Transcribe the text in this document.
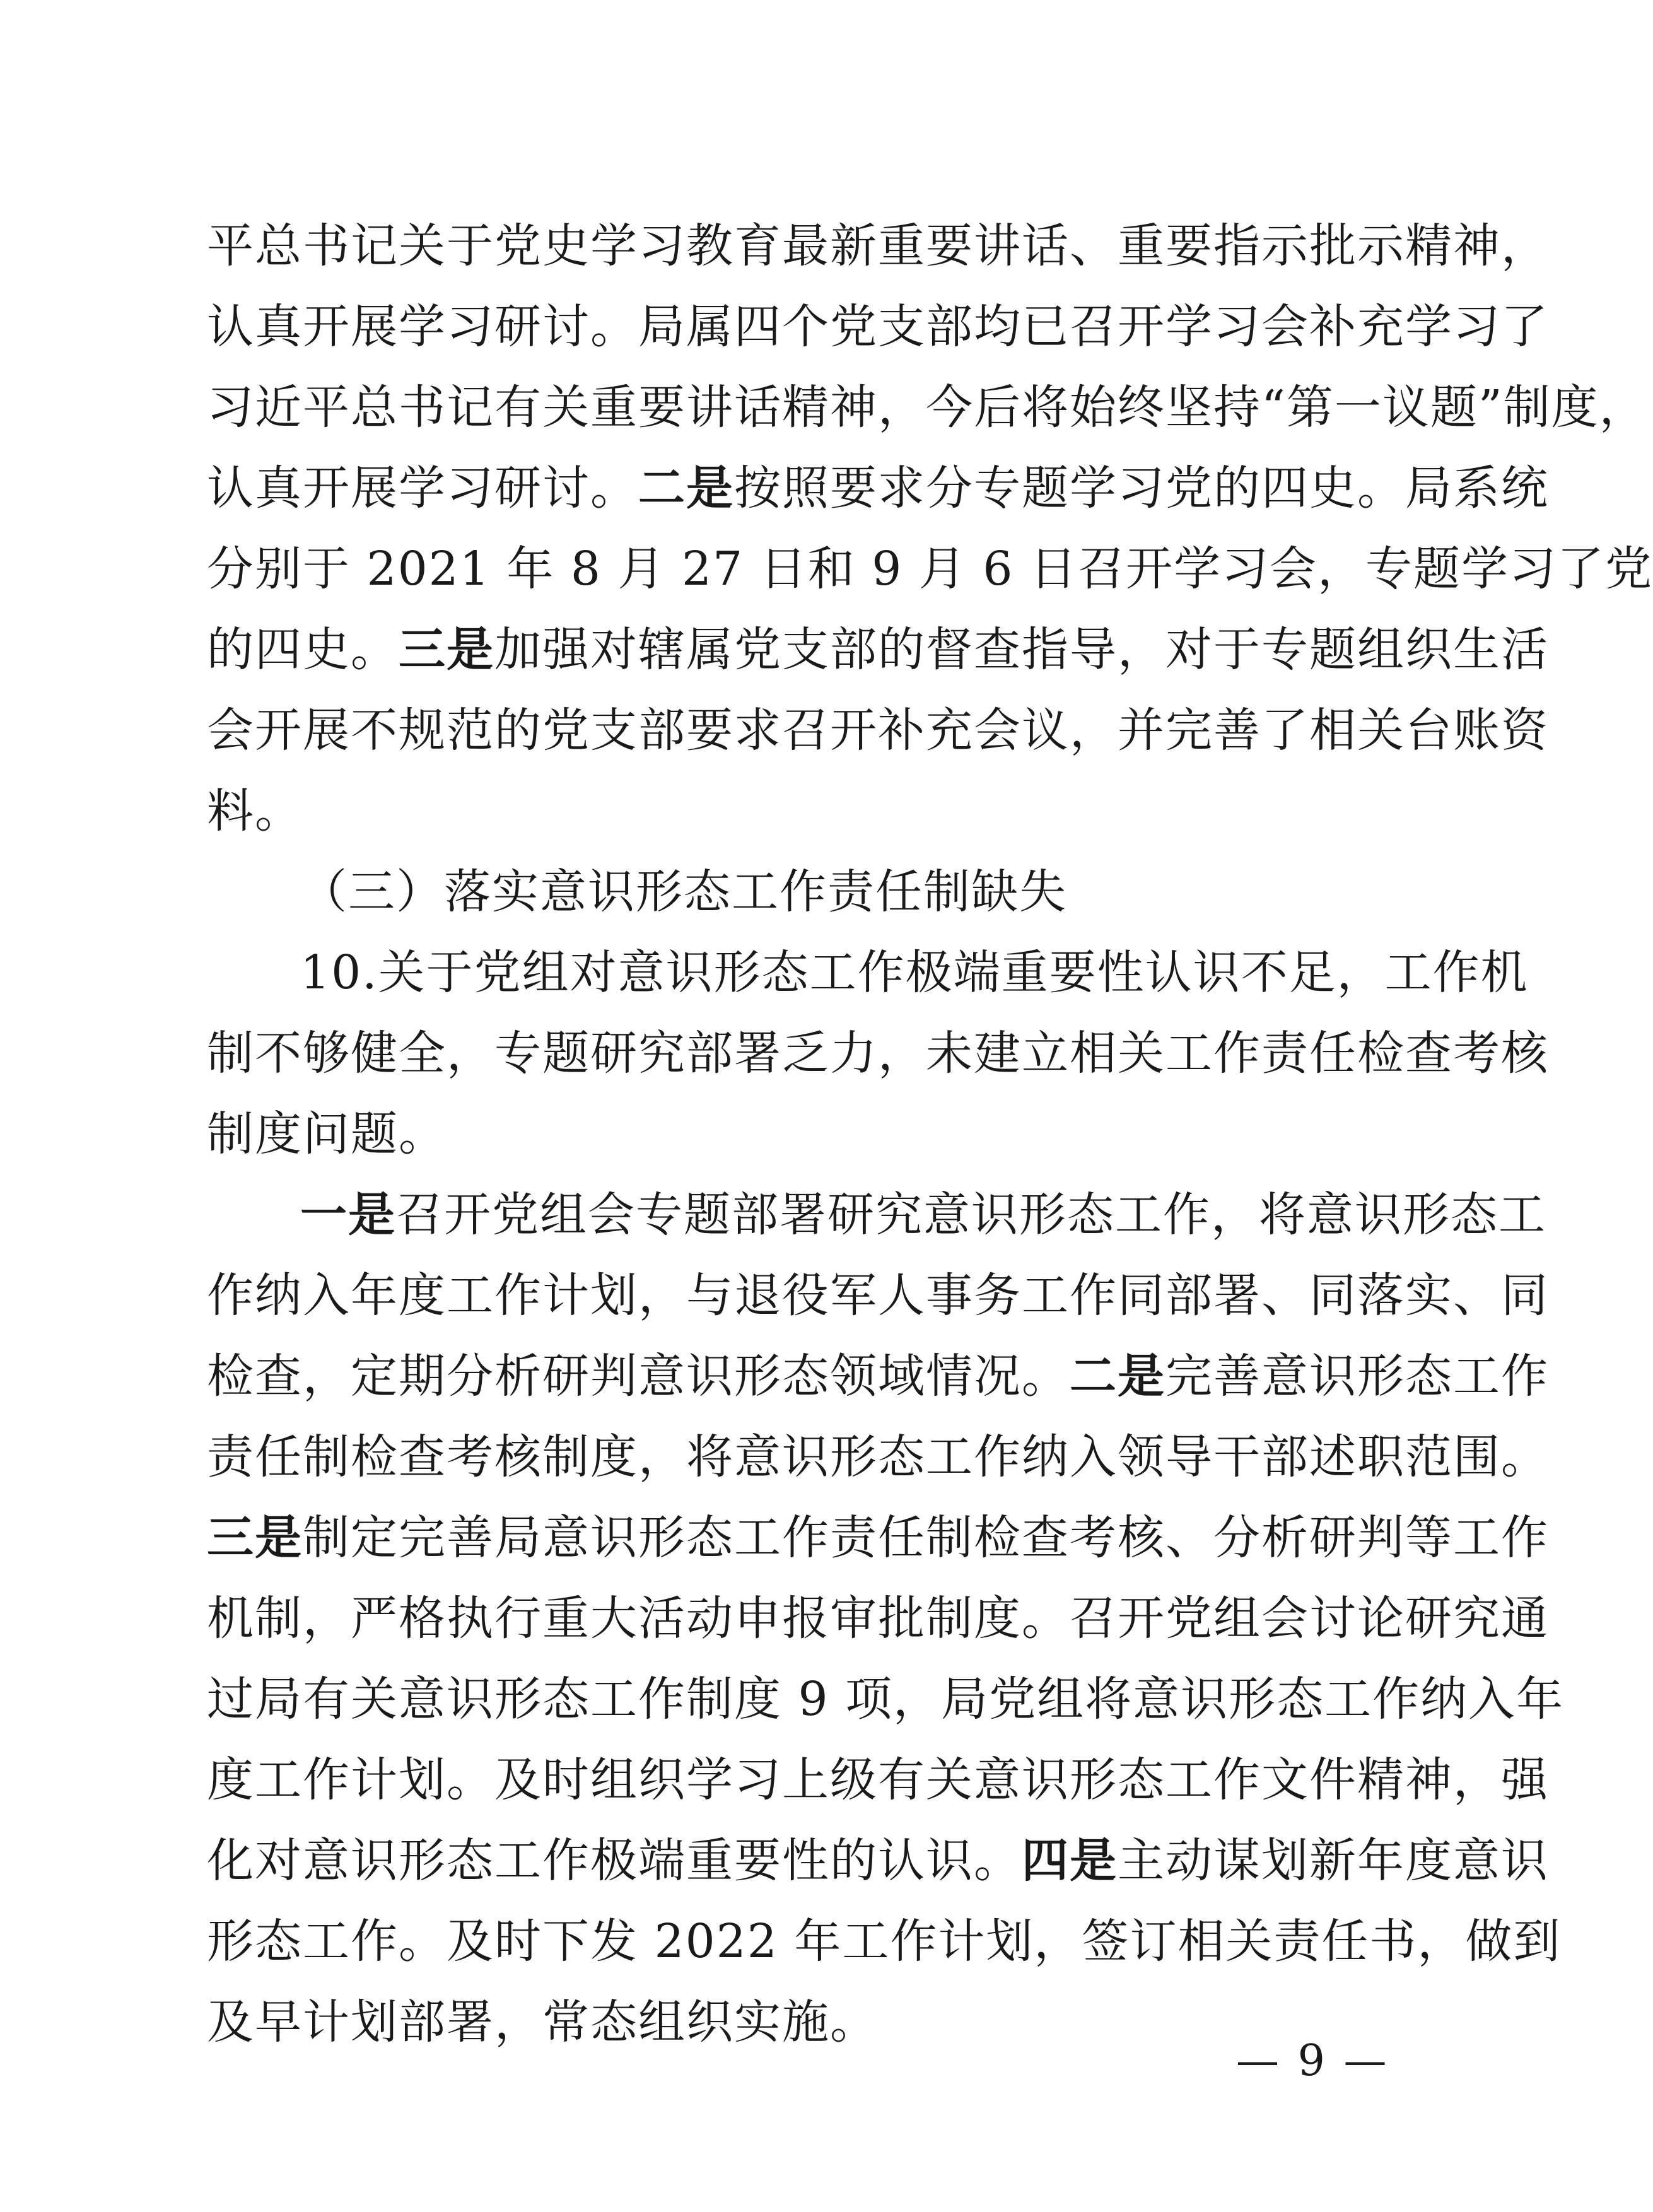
平总书记关于党史学习教育最新重要讲话、重要指示批示精神，
认真开展学习研讨。局属四个党支部均已召开学习会补充学习了
习近平总书记有关重要讲话精神，今后将始终坚持“第一议题”制度，
认真开展学习研讨。二是按照要求分专题学习党的四史。局系统
分别于 2021 年 8 月 27 日和 9 月 6 日召开学习会，专题学习了党
的四史。三是加强对辖属党支部的督查指导，对于专题组织生活
会开展不规范的党支部要求召开补充会议，并完善了相关台账资
料。
（三）落实意识形态工作责任制缺失
10.关于党组对意识形态工作极端重要性认识不足，工作机
制不够健全，专题研究部署乏力，未建立相关工作责任检查考核
制度问题。
一是召开党组会专题部署研究意识形态工作，将意识形态工
作纳入年度工作计划，与退役军人事务工作同部署、同落实、同
检查，定期分析研判意识形态领域情况。二是完善意识形态工作
责任制检查考核制度，将意识形态工作纳入领导干部述职范围。
三是制定完善局意识形态工作责任制检查考核、分析研判等工作
机制，严格执行重大活动申报审批制度。召开党组会讨论研究通
过局有关意识形态工作制度 9 项，局党组将意识形态工作纳入年
度工作计划。及时组织学习上级有关意识形态工作文件精神，强
化对意识形态工作极端重要性的认识。四是主动谋划新年度意识
形态工作。及时下发 2022 年工作计划，签订相关责任书，做到
及早计划部署，常态组织实施。
— 9 —
